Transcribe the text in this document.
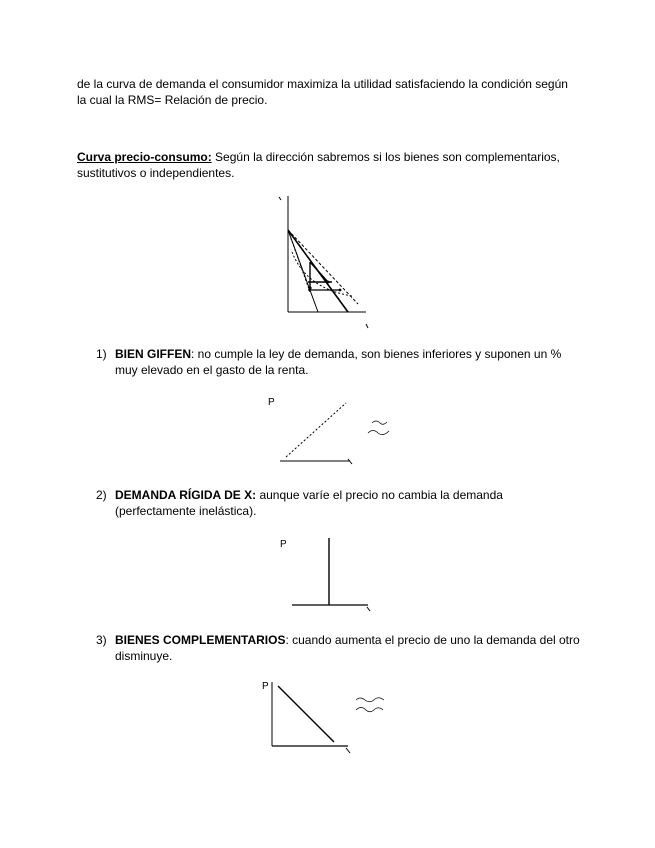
de la curva de demanda el consumidor maximiza la utilidad satisfaciendo la condición según la cual la RMS= Relación de precio.

Curva precio-consumo: Según la dirección sabremos si los bienes son complementarios, sustitutivos o independientes.

1) BIEN GIFFEN: no cumple la ley de demanda, son bienes inferiores y suponen un % muy elevado en el gasto de la renta.
P
2) DEMANDA RÍGIDA DE X: aunque varíe el precio no cambia la demanda (perfectamente inelástica).
P
3) BIENES COMPLEMENTARIOS: cuando aumenta el precio de uno la demanda del otro disminuye.
P
